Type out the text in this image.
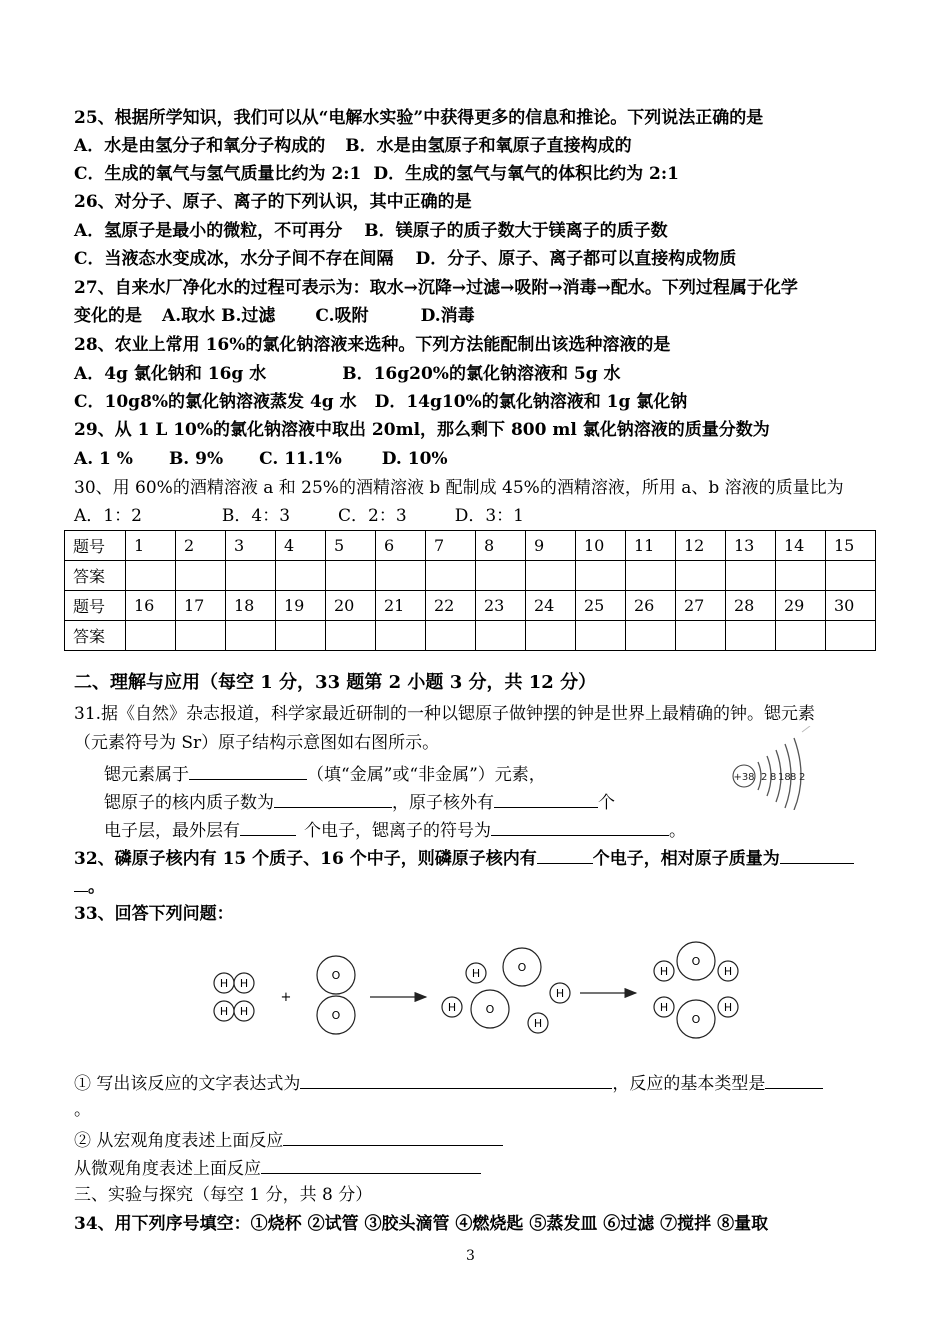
25、根据所学知识，我们可以从“电解水实验”中获得更多的信息和推论。下列说法正确的是
A．水是由氢分子和氧分子构成的 B．水是由氢原子和氧原子直接构成的
C．生成的氧气与氢气质量比约为 2:1 D．生成的氢气与氧气的体积比约为 2:1
26、对分子、原子、离子的下列认识，其中正确的是
A．氢原子是最小的微粒，不可再分 B．镁原子的质子数大于镁离子的质子数
C．当液态水变成冰，水分子间不存在间隔 D．分子、原子、离子都可以直接构成物质
27、自来水厂净化水的过程可表示为：取水→沉降→过滤→吸附→消毒→配水。下列过程属于化学
变化的是 A.取水 B.过滤 C.吸附	D.消毒
28、农业上常用 16%的氯化钠溶液来选种。下列方法能配制出该选种溶液的是
A．4g 氯化钠和 16g 水	B．16g20%的氯化钠溶液和 5g 水
C．10g8%的氯化钠溶液蒸发 4g 水 D．14g10%的氯化钠溶液和 1g 氯化钠
29、从 1 L 10%的氯化钠溶液中取出 20ml，那么剩下 800 ml 氯化钠溶液的质量分数为
A. 1 % B. 9% C. 11.1% D. 10%
30、用 60%的酒精溶液 a 和 25%的酒精溶液 b 配制成 45%的酒精溶液，所用 a、b 溶液的质量比为
A．1：2	B．4：3	C．2：3	D．3：1
题号	1	2	3	4	5	6	7	8	9	10	11	12	13	14	15
答案															
题号	16	17	18	19	20	21	22	23	24	25	26	27	28	29	30
答案															
二、理解与应用（每空 1 分，33 题第 2 小题 3 分，共 12 分）
31.据《自然》杂志报道，科学家最近研制的一种以锶原子做钟摆的钟是世界上最精确的钟。锶元素
（元素符号为 Sr）原子结构示意图如右图所示。
锶元素属于	（填“金属”或“非金属”）元素，
锶原子的核内质子数为	，原子核外有	个
电子层，最外层有	个电子，锶离子的符号为	。
+38 2 8 18 8 2
32、磷原子核内有 15 个质子、16 个中子，则磷原子核内有	个电子，相对原子质量为
。
33、回答下列问题：
H H
H H
+
O
O
H	O
H	O
H
H
O
H	H
O
H	H
① 写出该反应的文字表达式为	，反应的基本类型是
。
② 从宏观角度表述上面反应
从微观角度表述上面反应
三、实验与探究（每空 1 分，共 8 分）
34、用下列序号填空：①烧杯 ②试管 ③胶头滴管 ④燃烧匙 ⑤蒸发皿 ⑥过滤 ⑦搅拌 ⑧量取
3
